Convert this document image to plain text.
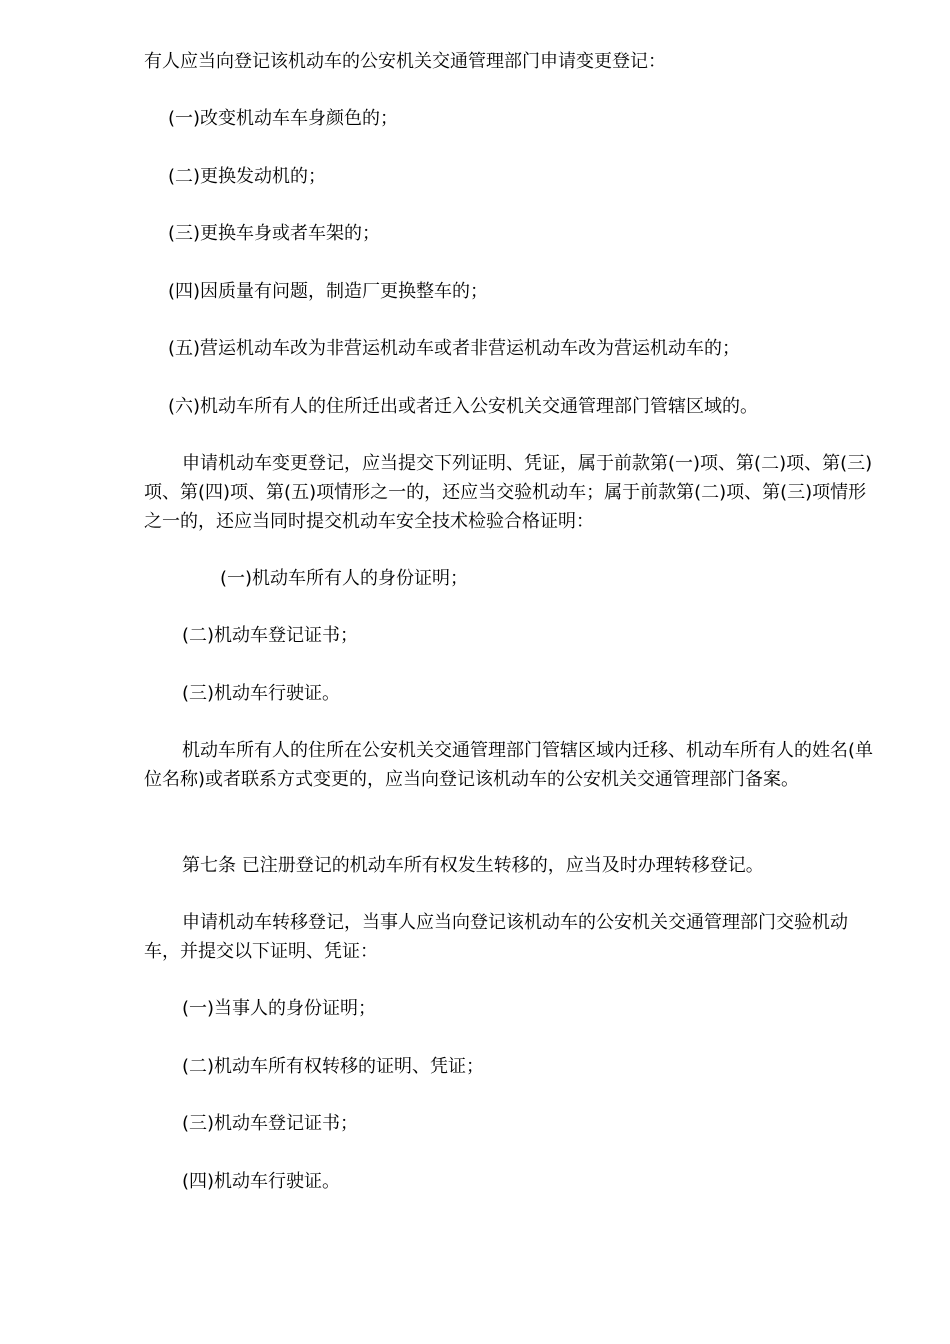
有人应当向登记该机动车的公安机关交通管理部门申请变更登记：
(一)改变机动车车身颜色的；
(二)更换发动机的；
(三)更换车身或者车架的；
(四)因质量有问题，制造厂更换整车的；
(五)营运机动车改为非营运机动车或者非营运机动车改为营运机动车的；
(六)机动车所有人的住所迁出或者迁入公安机关交通管理部门管辖区域的。
申请机动车变更登记，应当提交下列证明、凭证，属于前款第(一)项、第(二)项、第(三)项、第(四)项、第(五)项情形之一的，还应当交验机动车；属于前款第(二)项、第(三)项情形之一的，还应当同时提交机动车安全技术检验合格证明：
(一)机动车所有人的身份证明；
(二)机动车登记证书；
(三)机动车行驶证。
机动车所有人的住所在公安机关交通管理部门管辖区域内迁移、机动车所有人的姓名(单位名称)或者联系方式变更的，应当向登记该机动车的公安机关交通管理部门备案。
第七条 已注册登记的机动车所有权发生转移的，应当及时办理转移登记。
申请机动车转移登记，当事人应当向登记该机动车的公安机关交通管理部门交验机动车，并提交以下证明、凭证：
(一)当事人的身份证明；
(二)机动车所有权转移的证明、凭证；
(三)机动车登记证书；
(四)机动车行驶证。
